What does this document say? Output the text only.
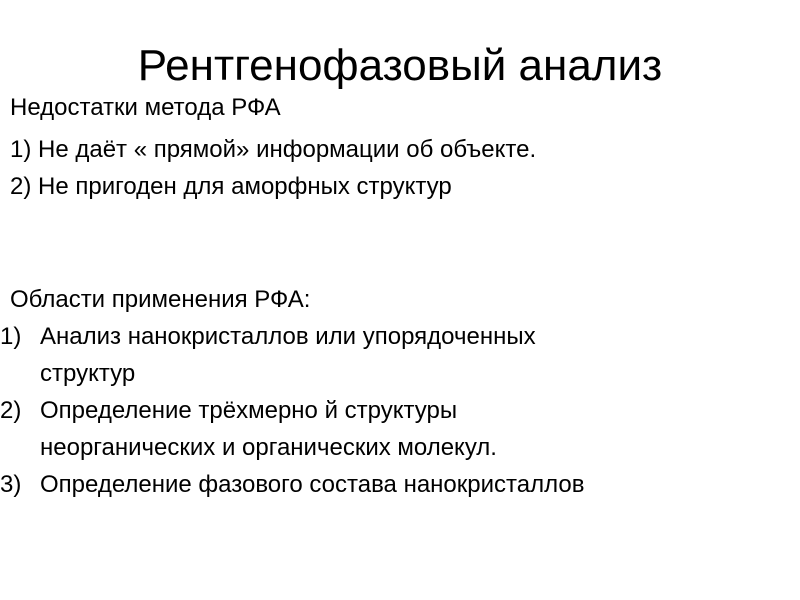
Рентгенофазовый анализ
Недостатки метода РФА
1) Не даёт « прямой» информации об объекте.
2) Не пригоден для аморфных структур
Области применения РФА:
1) Анализ нанокристаллов или упорядоченных
структур
2) Определение трёхмерно й структуры
неорганических и органических молекул.
3) Определение фазового состава нанокристаллов
